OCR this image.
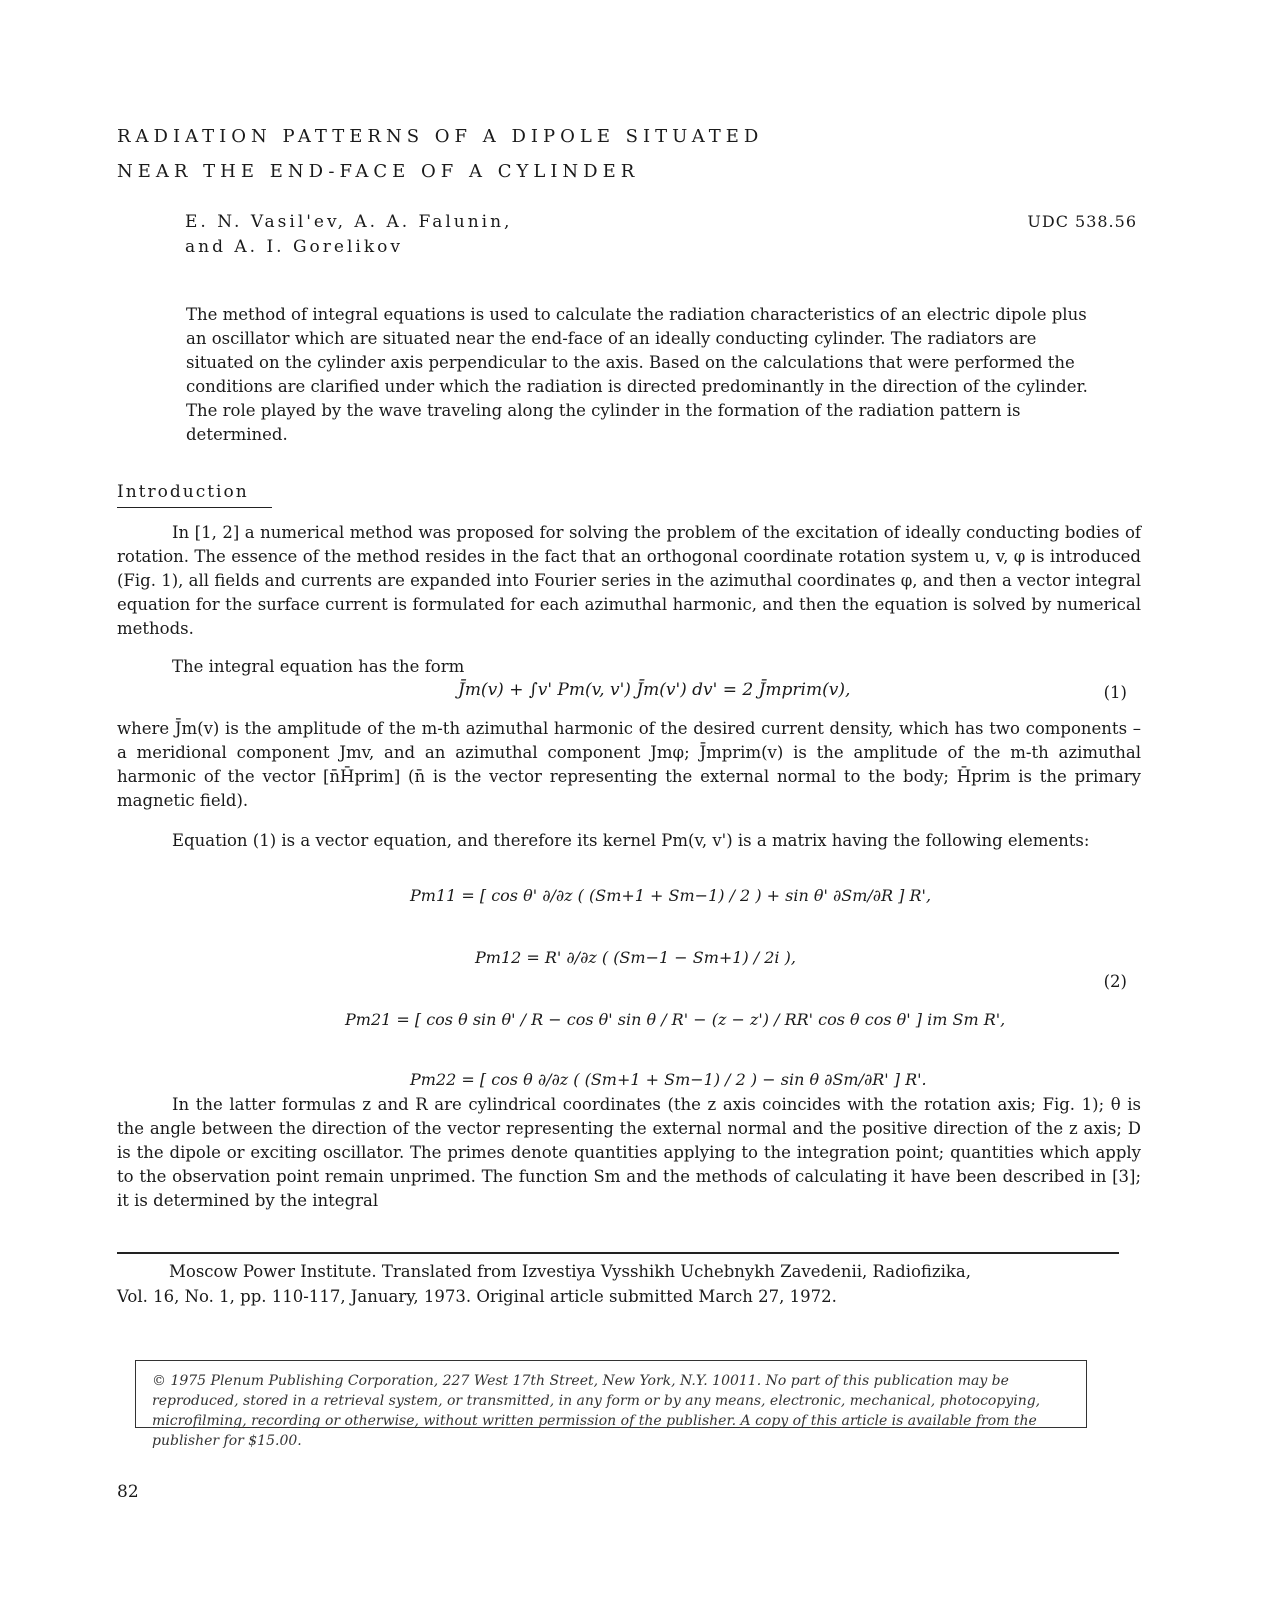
RADIATION PATTERNS OF A DIPOLE SITUATED
NEAR THE END-FACE OF A CYLINDER
E. N. Vasil'ev, A. A. Falunin,
and A. I. Gorelikov
UDC 538.56

The method of integral equations is used to calculate the radiation characteristics of an electric dipole plus an oscillator which are situated near the end-face of an ideally conducting cylinder. The radiators are situated on the cylinder axis perpendicular to the axis. Based on the calculations that were performed the conditions are clarified under which the radiation is directed predominantly in the direction of the cylinder. The role played by the wave traveling along the cylinder in the formation of the radiation pattern is determined.

Introduction

In [1, 2] a numerical method was proposed for solving the problem of the excitation of ideally conducting bodies of rotation. The essence of the method resides in the fact that an orthogonal coordinate rotation system u, v, φ is introduced (Fig. 1), all fields and currents are expanded into Fourier series in the azimuthal coordinates φ, and then a vector integral equation for the surface current is formulated for each azimuthal harmonic, and then the equation is solved by numerical methods.

The integral equation has the form

J̄m(v) + ∫v' Pm(v, v') J̄m(v') dv' = 2 J̄mprim(v),	(1)

where J̄m(v) is the amplitude of the m-th azimuthal harmonic of the desired current density, which has two components – a meridional component Jmv, and an azimuthal component Jmφ; J̄mprim(v) is the amplitude of the m-th azimuthal harmonic of the vector [n̄H̄prim] (n̄ is the vector representing the external normal to the body; H̄prim is the primary magnetic field).

Equation (1) is a vector equation, and therefore its kernel Pm(v, v') is a matrix having the following elements:

Pm11 = [ cos θ' ∂/∂z ( (Sm+1 + Sm−1) / 2 ) + sin θ' ∂Sm/∂R ] R',
Pm12 = R' ∂/∂z ( (Sm−1 − Sm+1) / 2i ),
Pm21 = [ cos θ sin θ' / R − cos θ' sin θ / R' − (z − z') / RR' cos θ cos θ' ] im Sm R',
Pm22 = [ cos θ ∂/∂z ( (Sm+1 + Sm−1) / 2 ) − sin θ ∂Sm/∂R' ] R'.
(2)

In the latter formulas z and R are cylindrical coordinates (the z axis coincides with the rotation axis; Fig. 1); θ is the angle between the direction of the vector representing the external normal and the positive direction of the z axis; D is the dipole or exciting oscillator. The primes denote quantities applying to the integration point; quantities which apply to the observation point remain unprimed. The function Sm and the methods of calculating it have been described in [3]; it is determined by the integral

Moscow Power Institute. Translated from Izvestiya Vysshikh Uchebnykh Zavedenii, Radiofizika,

Vol. 16, No. 1, pp. 110-117, January, 1973. Original article submitted March 27, 1972.
© 1975 Plenum Publishing Corporation, 227 West 17th Street, New York, N.Y. 10011. No part of this publication may be reproduced, stored in a retrieval system, or transmitted, in any form or by any means, electronic, mechanical, photocopying, microfilming, recording or otherwise, without written permission of the publisher. A copy of this article is available from the publisher for $15.00.
82
